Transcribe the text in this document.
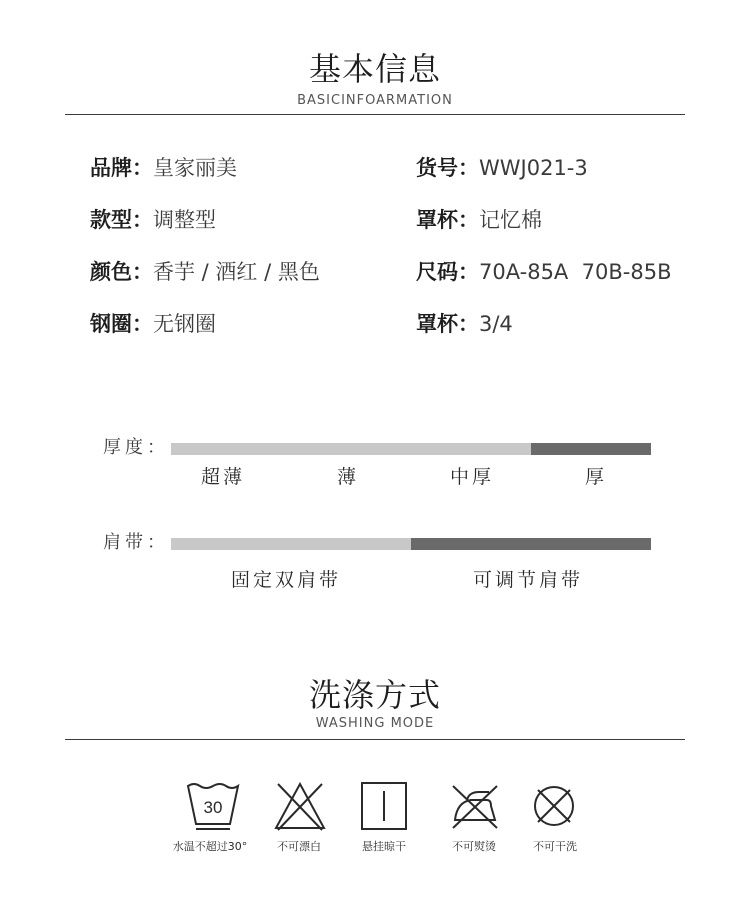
基本信息
BASICINFOARMATION
品牌：皇家丽美	货号：WWJ021-3
款型：调整型	罩杯：记忆棉
颜色：香芋 / 酒红 / 黑色	尺码：70A-85A  70B-85B
钢圈：无钢圈	罩杯：3/4
厚度：
超薄	薄	中厚	厚
肩带：
固定双肩带	可调节肩带
洗涤方式
WASHING MODE
30
水温不超过30°	不可漂白	悬挂晾干	不可熨烫	不可干洗
